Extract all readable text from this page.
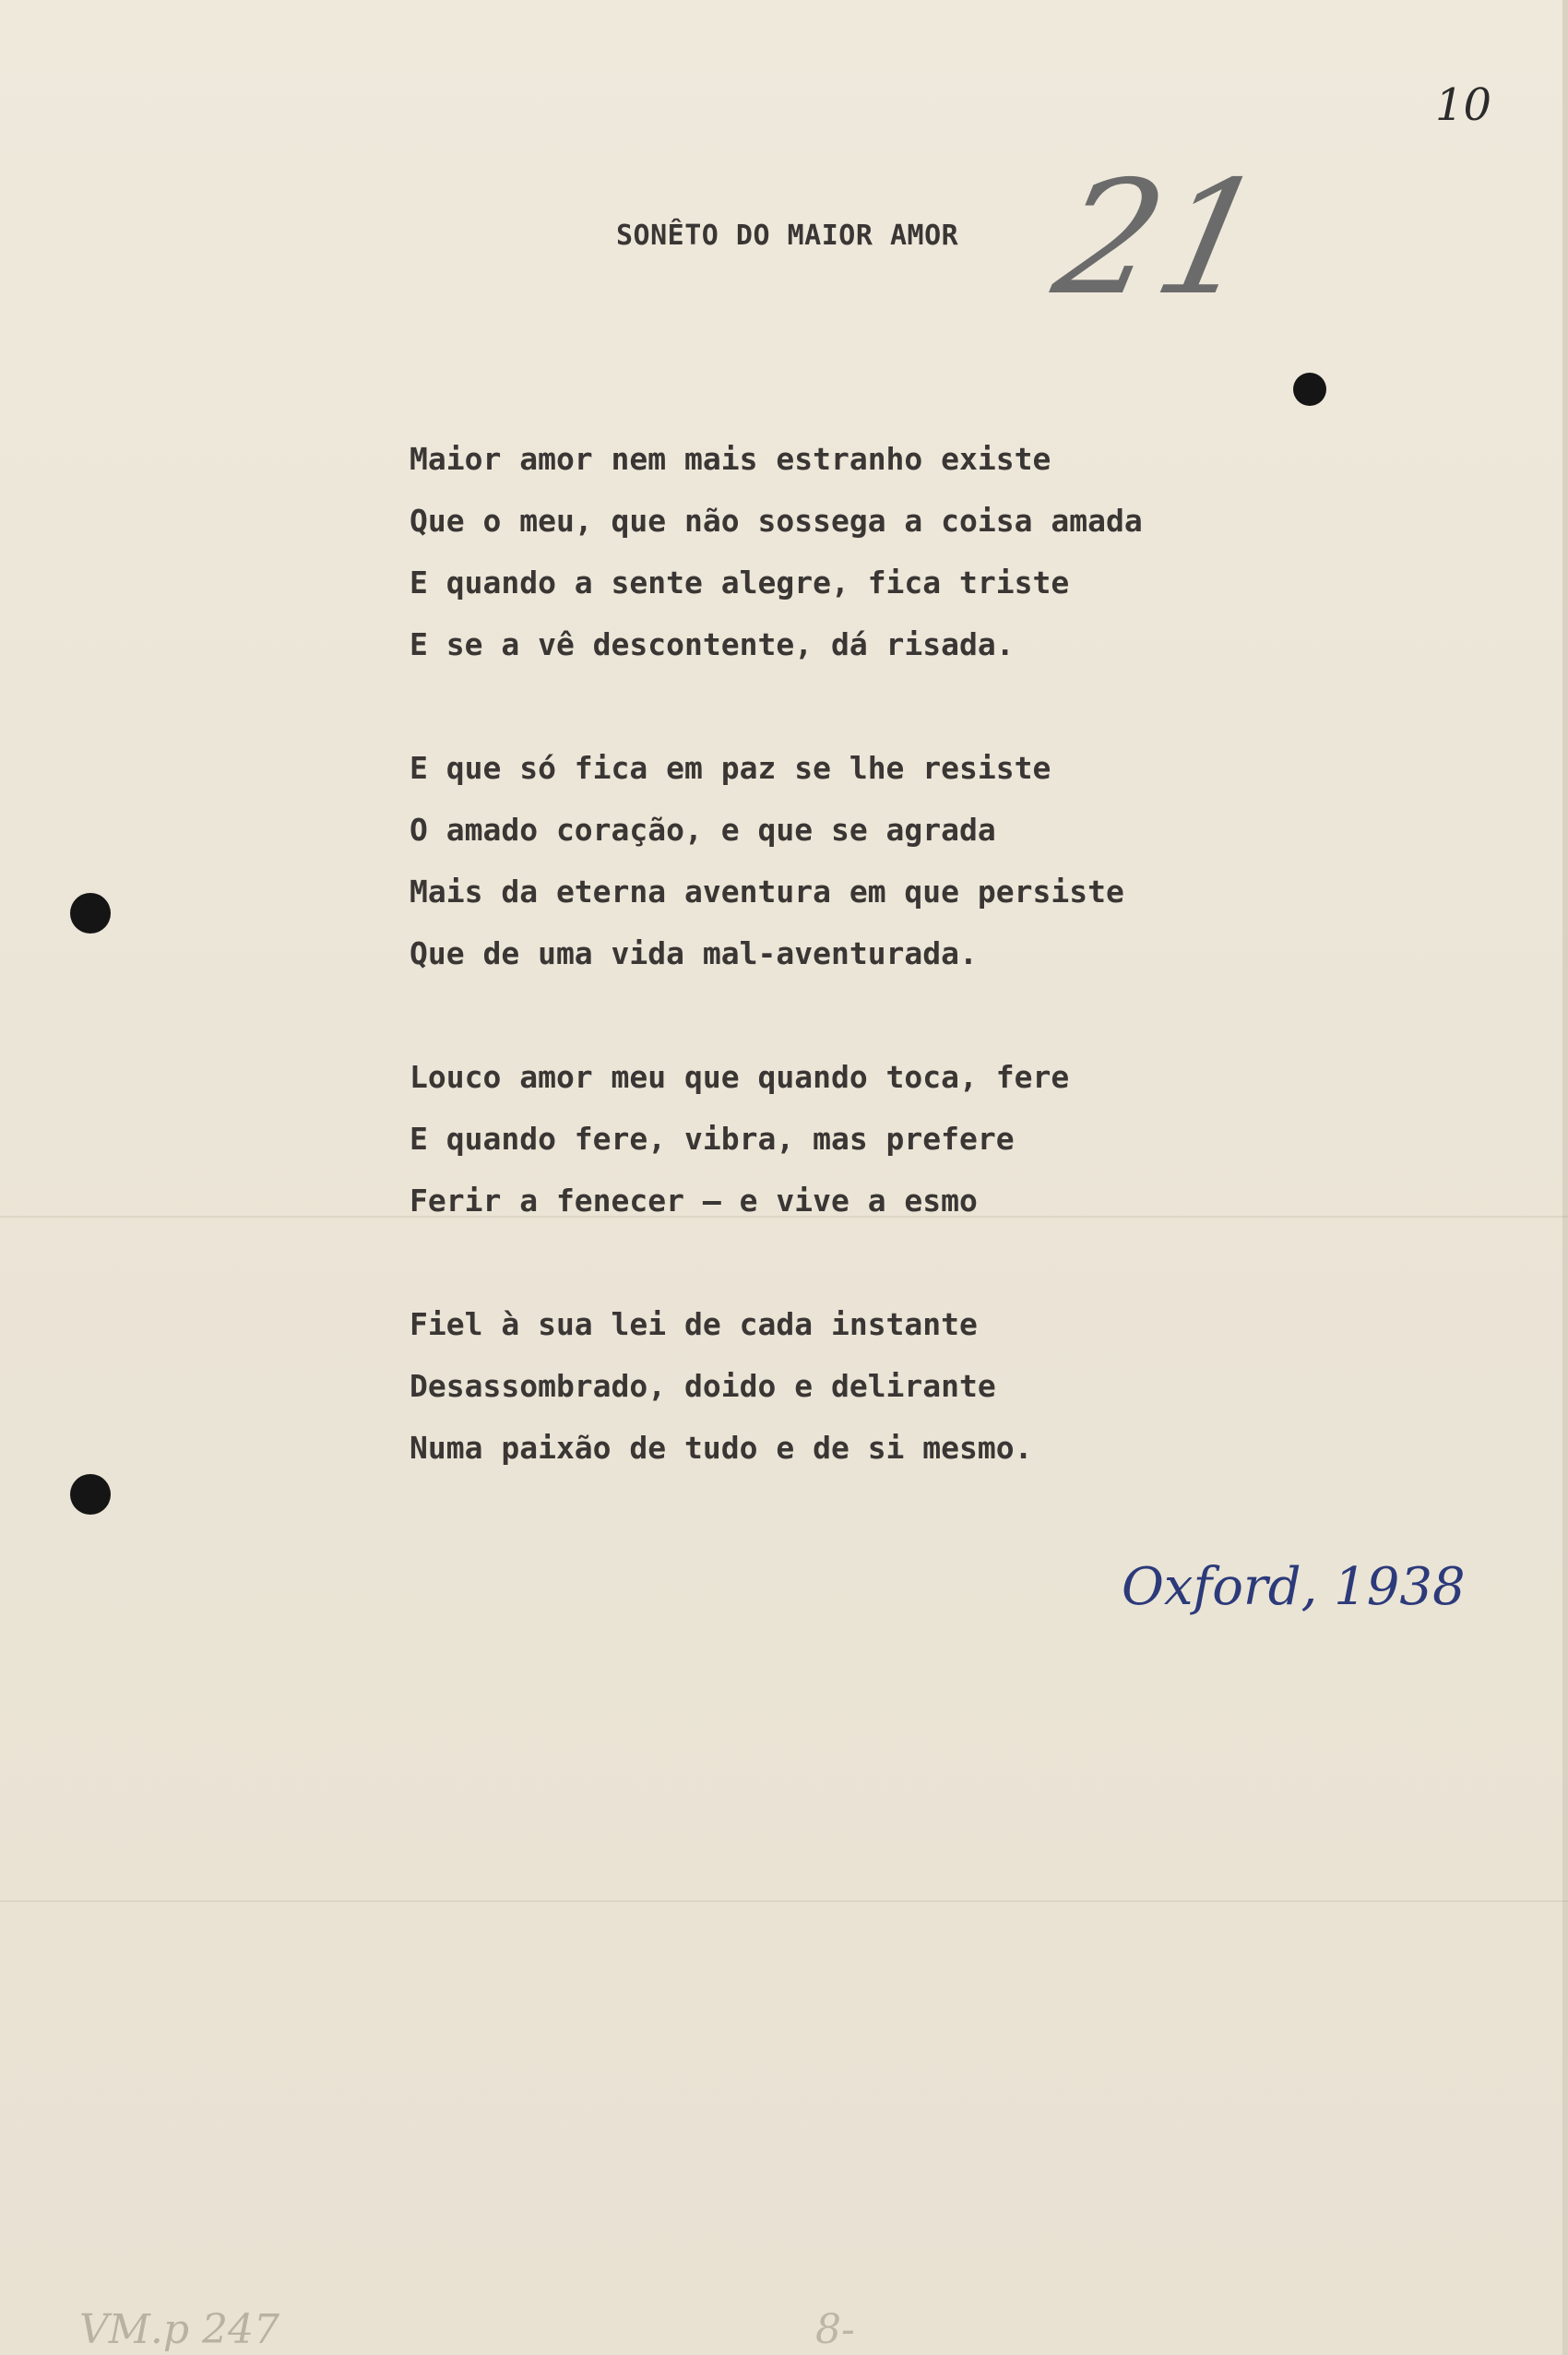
10
21
SONÊTO DO MAIOR AMOR
Maior amor nem mais estranho existe
Que o meu, que não sossega a coisa amada
E quando a sente alegre, fica triste
E se a vê descontente, dá risada.
E que só fica em paz se lhe resiste
O amado coração, e que se agrada
Mais da eterna aventura em que persiste
Que de uma vida mal-aventurada.
Louco amor meu que quando toca, fere
E quando fere, vibra, mas prefere
Ferir a fenecer — e vive a esmo
Fiel à sua lei de cada instante
Desassombrado, doido e delirante
Numa paixão de tudo e de si mesmo.
Oxford, 1938
VM.p 247	8-
